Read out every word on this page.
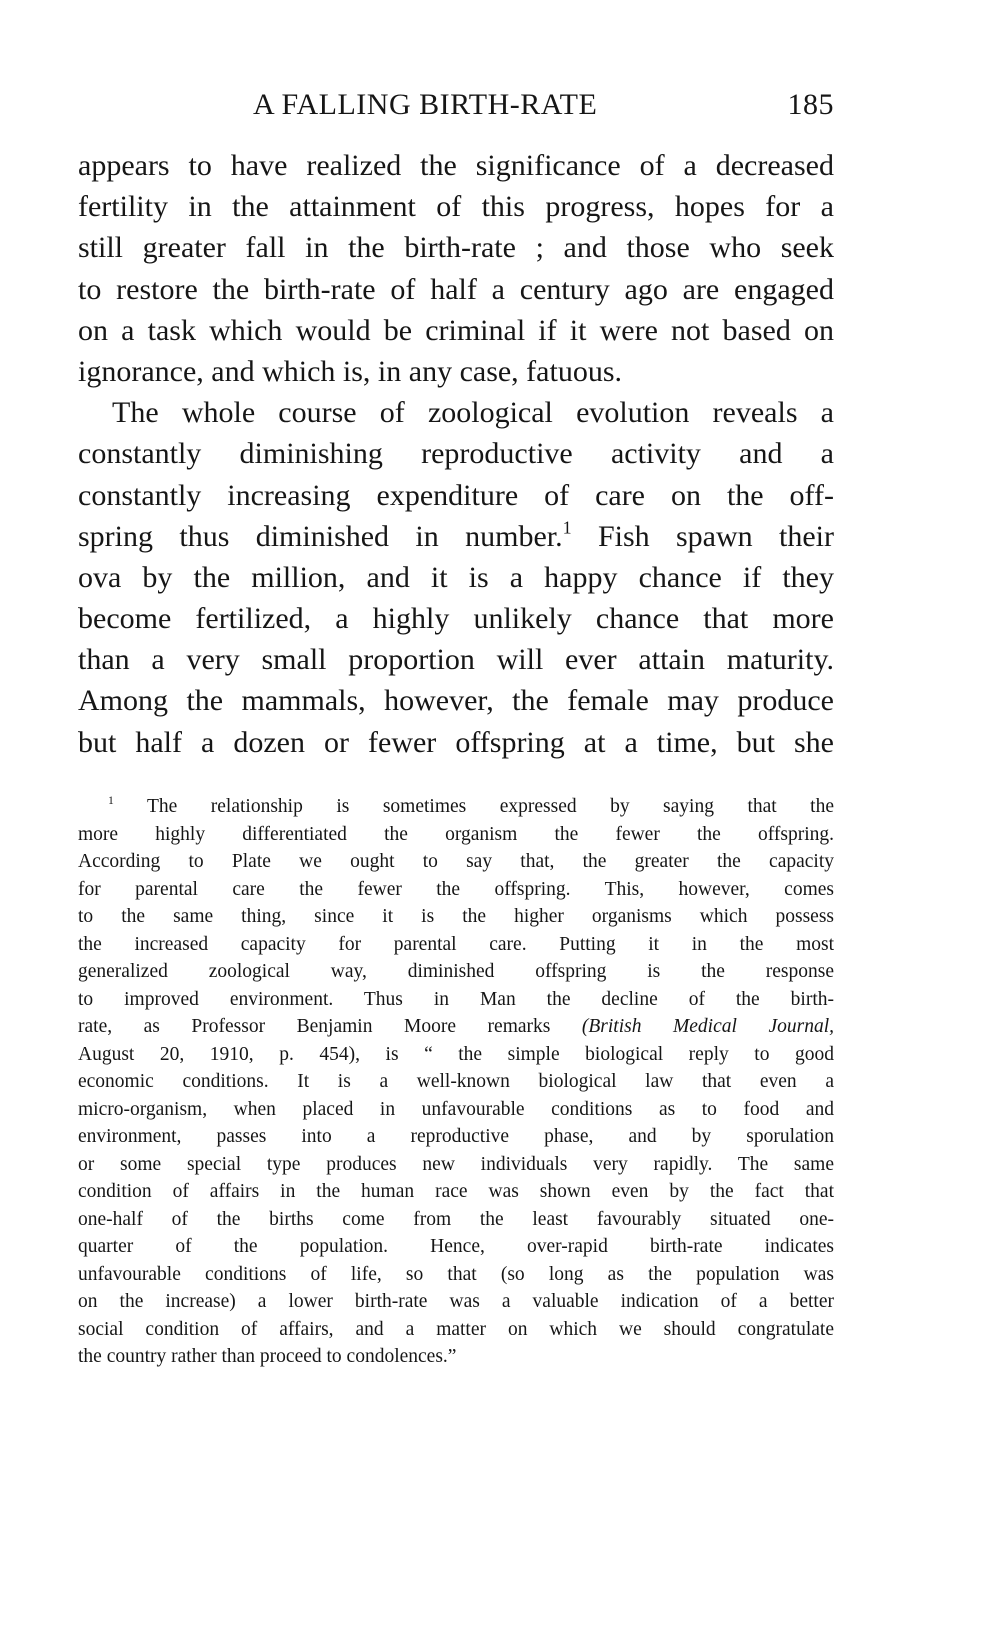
A FALLING BIRTH-RATE	185
appears to have realized the significance of a decreased
fertility in the attainment of this progress, hopes for a
still greater fall in the birth-rate ; and those who seek
to restore the birth-rate of half a century ago are engaged
on a task which would be criminal if it were not based on
ignorance, and which is, in any case, fatuous.
The whole course of zoological evolution reveals a
constantly diminishing reproductive activity and a
constantly increasing expenditure of care on the off-
spring thus diminished in number.$^1$ Fish spawn their
ova by the million, and it is a happy chance if they
become fertilized, a highly unlikely chance that more
than a very small proportion will ever attain maturity.
Among the mammals, however, the female may produce
but half a dozen or fewer offspring at a time, but she
$^1$ The relationship is sometimes expressed by saying that the
more highly differentiated the organism the fewer the offspring.
According to Plate we ought to say that, the greater the capacity
for parental care the fewer the offspring. This, however, comes
to the same thing, since it is the higher organisms which possess
the increased capacity for parental care. Putting it in the most
generalized zoological way, diminished offspring is the response
to improved environment. Thus in Man the decline of the birth-
rate, as Professor Benjamin Moore remarks (British Medical Journal,
August 20, 1910, p. 454), is “ the simple biological reply to good
economic conditions. It is a well-known biological law that even a
micro-organism, when placed in unfavourable conditions as to food and
environment, passes into a reproductive phase, and by sporulation
or some special type produces new individuals very rapidly. The same
condition of affairs in the human race was shown even by the fact that
one-half of the births come from the least favourably situated one-
quarter of the population. Hence, over-rapid birth-rate indicates
unfavourable conditions of life, so that (so long as the population was
on the increase) a lower birth-rate was a valuable indication of a better
social condition of affairs, and a matter on which we should congratulate
the country rather than proceed to condolences.”
